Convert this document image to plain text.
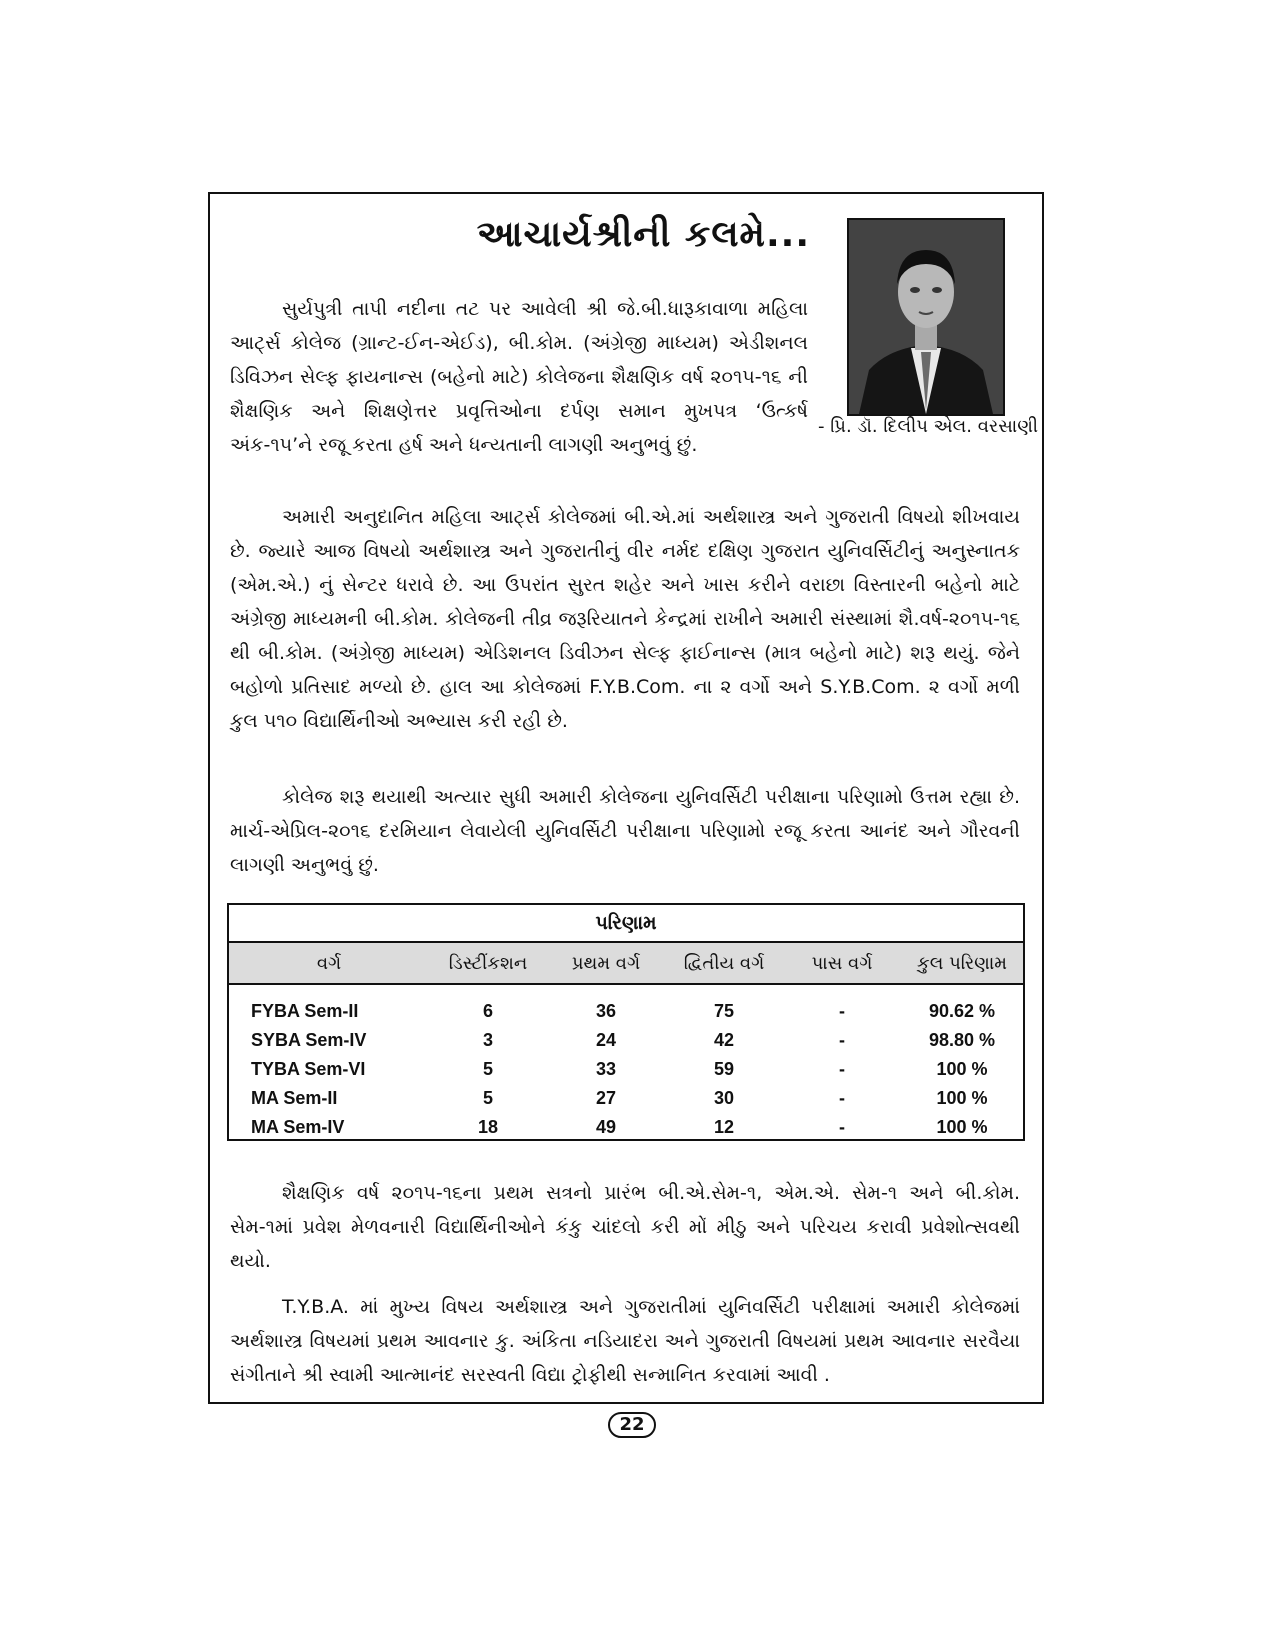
આચાર્યશ્રીની કલમે...
- પ્રિ. ડૉ. દિલીપ એલ. વરસાણી

સુર્યપુત્રી તાપી નદીના તટ પર આવેલી શ્રી જે.બી.ધારૂકાવાળા મહિલા આર્ટ્સ કોલેજ (ગ્રાન્ટ-ઈન-એઈડ), બી.કોમ. (અંગ્રેજી માધ્યમ) એડીશનલ ડિવિઝન સેલ્ફ ફાયનાન્સ (બહેનો માટે) કોલેજના શૈક્ષણિક વર્ષ ૨૦૧૫-૧૬ ની શૈક્ષણિક અને શિક્ષણેત્તર પ્રવૃત્તિઓના દર્પણ સમાન મુખપત્ર ‘ઉત્કર્ષ અંક-૧૫’ને રજૂ કરતા હર્ષ અને ધન્યતાની લાગણી અનુભવું છું.

અમારી અનુદાનિત મહિલા આર્ટ્સ કોલેજમાં બી.એ.માં અર્થશાસ્ત્ર અને ગુજરાતી વિષયો શીખવાય છે. જ્યારે આજ વિષયો અર્થશાસ્ત્ર અને ગુજરાતીનું વીર નર્મદ દક્ષિણ ગુજરાત યુનિવર્સિટીનું અનુસ્નાતક (એમ.એ.) નું સેન્ટર ધરાવે છે. આ ઉપરાંત સુરત શહેર અને ખાસ કરીને વરાછા વિસ્તારની બહેનો માટે અંગ્રેજી માધ્યમની બી.કોમ. કોલેજની તીવ્ર જરૂરિયાતને કેન્દ્રમાં રાખીને અમારી સંસ્થામાં શૈ.વર્ષ-૨૦૧૫-૧૬ થી બી.કોમ. (અંગ્રેજી માધ્યમ) એડિશનલ ડિવીઝન સેલ્ફ ફાઈનાન્સ (માત્ર બહેનો માટે) શરૂ થયું. જેને બહોળો પ્રતિસાદ મળ્યો છે. હાલ આ કોલેજમાં F.Y.B.Com. ના ૨ વર્ગો અને S.Y.B.Com. ૨ વર્ગો મળી કુલ ૫૧૦ વિદ્યાર્થિનીઓ અભ્યાસ કરી રહી છે.

કોલેજ શરૂ થયાથી અત્યાર સુધી અમારી કોલેજના યુનિવર્સિટી પરીક્ષાના પરિણામો ઉત્તમ રહ્યા છે. માર્ચ-એપ્રિલ-૨૦૧૬ દરમિયાન લેવાયેલી યુનિવર્સિટી પરીક્ષાના પરિણામો રજૂ કરતા આનંદ અને ગૌરવની લાગણી અનુભવું છું.

પરિણામ
વર્ગ	ડિસ્ટીંકશન	પ્રથમ વર્ગ	દ્વિતીય વર્ગ	પાસ વર્ગ	કુલ પરિણામ
FYBA Sem-II	6	36	75	-	90.62 %
SYBA Sem-IV	3	24	42	-	98.80 %
TYBA Sem-VI	5	33	59	-	100 %
MA Sem-II	5	27	30	-	100 %
MA Sem-IV	18	49	12	-	100 %

શૈક્ષણિક વર્ષ ૨૦૧૫-૧૬ના પ્રથમ સત્રનો પ્રારંભ બી.એ.સેમ-૧, એમ.એ. સેમ-૧ અને બી.કોમ. સેમ-૧માં પ્રવેશ મેળવનારી વિદ્યાર્થિનીઓને કંકુ ચાંદલો કરી મોં મીઠુ અને પરિચય કરાવી પ્રવેશોત્સવથી થયો.

T.Y.B.A. માં મુખ્ય વિષય અર્થશાસ્ત્ર અને ગુજરાતીમાં યુનિવર્સિટી પરીક્ષામાં અમારી કોલેજમાં અર્થશાસ્ત્ર વિષયમાં પ્રથમ આવનાર કુ. અંકિતા નડિયાદરા અને ગુજરાતી વિષયમાં પ્રથમ આવનાર સરવૈયા સંગીતાને શ્રી સ્વામી આત્માનંદ સરસ્વતી વિદ્યા ટ્રોફીથી સન્માનિત કરવામાં આવી .

22
